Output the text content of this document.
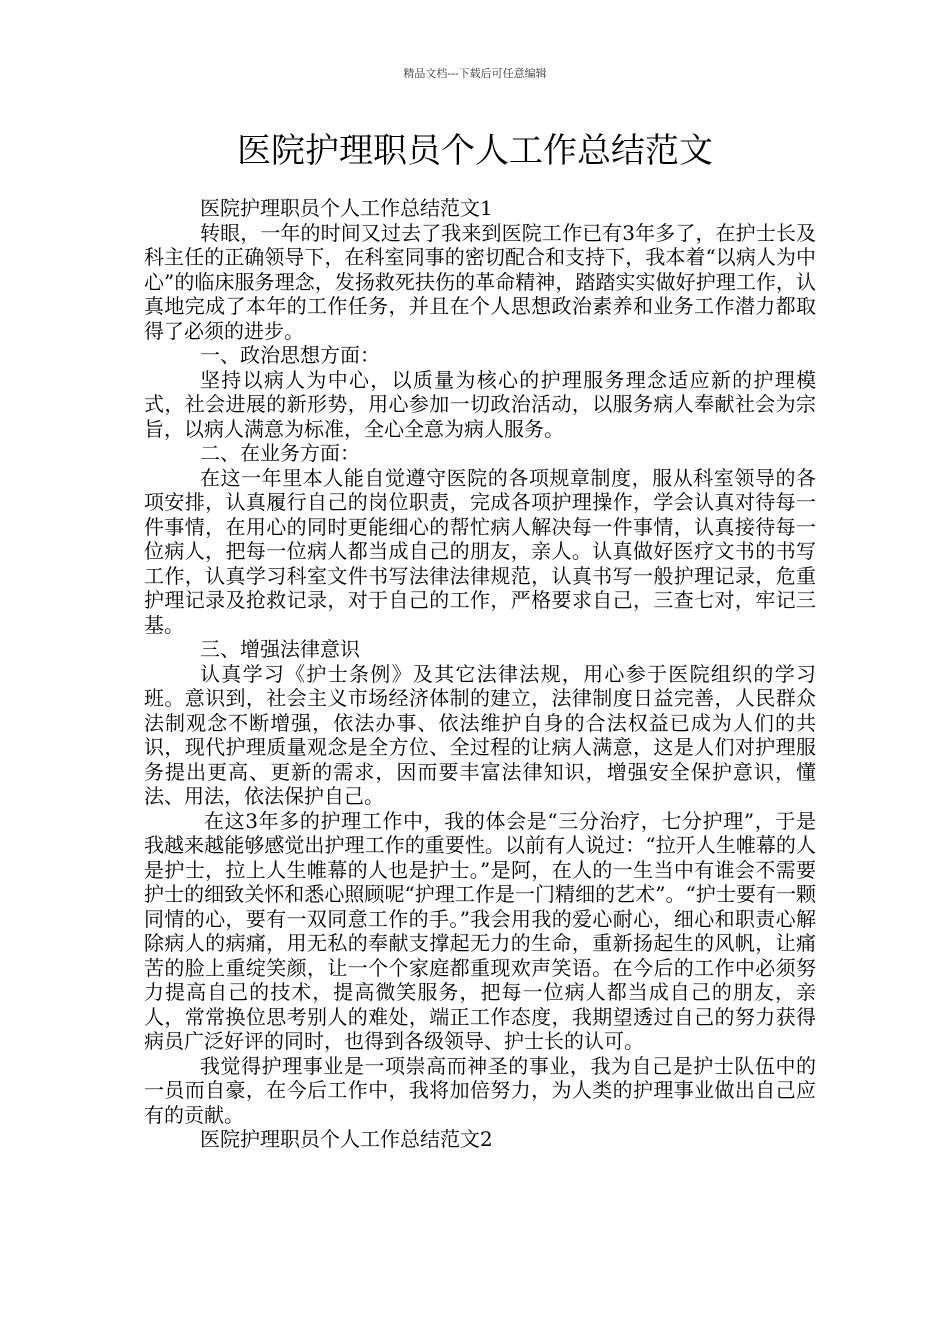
精品文档---下载后可任意编辑
医院护理职员个人工作总结范文

医院护理职员个人工作总结范文1

转眼，一年的时间又过去了我来到医院工作已有3年多了，在护士长及科主任的正确领导下，在科室同事的密切配合和支持下，我本着“以病人为中心”的临床服务理念，发扬救死扶伤的革命精神，踏踏实实做好护理工作，认真地完成了本年的工作任务，并且在个人思想政治素养和业务工作潜力都取得了必须的进步。

一、政治思想方面：

坚持以病人为中心，以质量为核心的护理服务理念适应新的护理模式，社会进展的新形势，用心参加一切政治活动，以服务病人奉献社会为宗旨，以病人满意为标准，全心全意为病人服务。

二、在业务方面：

在这一年里本人能自觉遵守医院的各项规章制度，服从科室领导的各项安排，认真履行自己的岗位职责，完成各项护理操作，学会认真对待每一件事情，在用心的同时更能细心的帮忙病人解决每一件事情，认真接待每一位病人，把每一位病人都当成自己的朋友，亲人。认真做好医疗文书的书写工作，认真学习科室文件书写法律法律规范，认真书写一般护理记录，危重护理记录及抢救记录，对于自己的工作，严格要求自己，三查七对，牢记三基。

三、增强法律意识

认真学习《护士条例》及其它法律法规，用心参于医院组织的学习班。意识到，社会主义市场经济体制的建立，法律制度日益完善，人民群众法制观念不断增强，依法办事、依法维护自身的合法权益已成为人们的共识，现代护理质量观念是全方位、全过程的让病人满意，这是人们对护理服务提出更高、更新的需求，因而要丰富法律知识，增强安全保护意识，懂法、用法，依法保护自己。

在这3年多的护理工作中，我的体会是“三分治疗，七分护理”，于是我越来越能够感觉出护理工作的重要性。以前有人说过：“拉开人生帷幕的人是护士，拉上人生帷幕的人也是护士。”是阿，在人的一生当中有谁会不需要护士的细致关怀和悉心照顾呢“护理工作是一门精细的艺术”。“护士要有一颗同情的心，要有一双同意工作的手。”我会用我的爱心耐心，细心和职责心解除病人的病痛，用无私的奉献支撑起无力的生命，重新扬起生的风帆，让痛苦的脸上重绽笑颜，让一个个家庭都重现欢声笑语。在今后的工作中必须努力提高自己的技术，提高微笑服务，把每一位病人都当成自己的朋友，亲人，常常换位思考别人的难处，端正工作态度，我期望透过自己的努力获得病员广泛好评的同时，也得到各级领导、护士长的认可。

我觉得护理事业是一项崇高而神圣的事业，我为自己是护士队伍中的一员而自豪，在今后工作中，我将加倍努力，为人类的护理事业做出自己应有的贡献。

医院护理职员个人工作总结范文2
